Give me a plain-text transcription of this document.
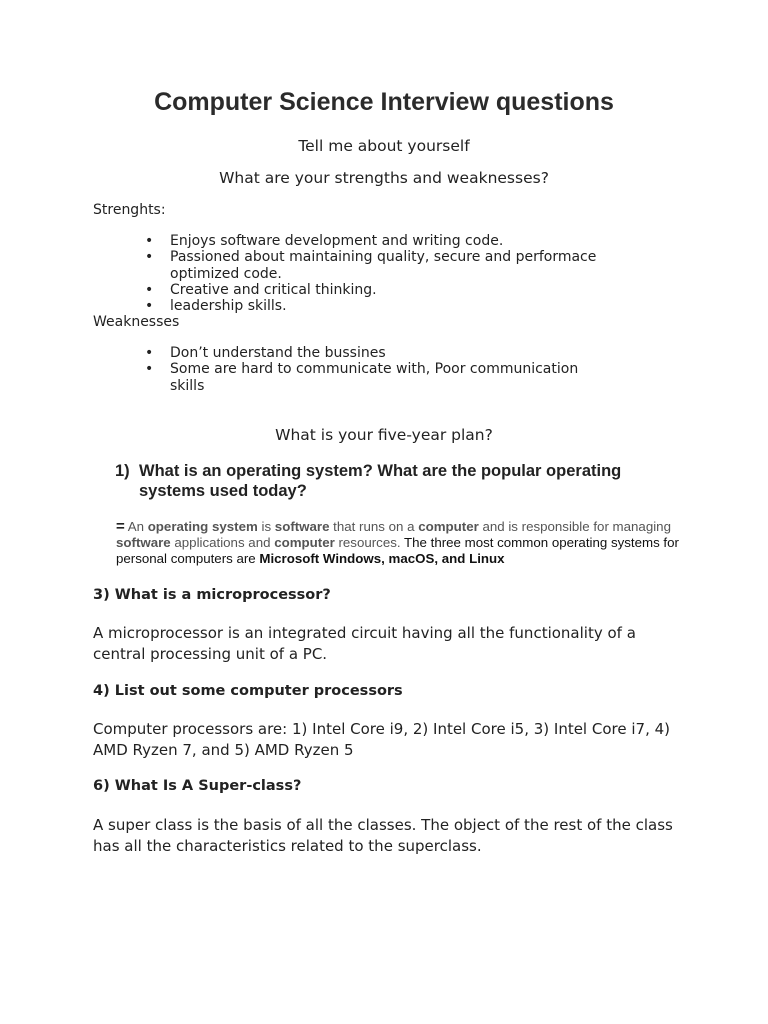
Computer Science Interview questions

Tell me about yourself

What are your strengths and weaknesses?

Strenghts:

• Enjoys software development and writing code.
• Passioned about maintaining quality, secure and performace optimized code.
• Creative and critical thinking.
• leadership skills.

Weaknesses

• Don’t understand the bussines
• Some are hard to communicate with, Poor communication skills

What is your five-year plan?

1) What is an operating system? What are the popular operating systems used today?

= An operating system is software that runs on a computer and is responsible for managing software applications and computer resources. The three most common operating systems for personal computers are Microsoft Windows, macOS, and Linux

3) What is a microprocessor?

A microprocessor is an integrated circuit having all the functionality of a central processing unit of a PC.

4) List out some computer processors

Computer processors are: 1) Intel Core i9, 2) Intel Core i5, 3) Intel Core i7, 4) AMD Ryzen 7, and 5) AMD Ryzen 5

6) What Is A Super-class?

A super class is the basis of all the classes. The object of the rest of the class has all the characteristics related to the superclass.
